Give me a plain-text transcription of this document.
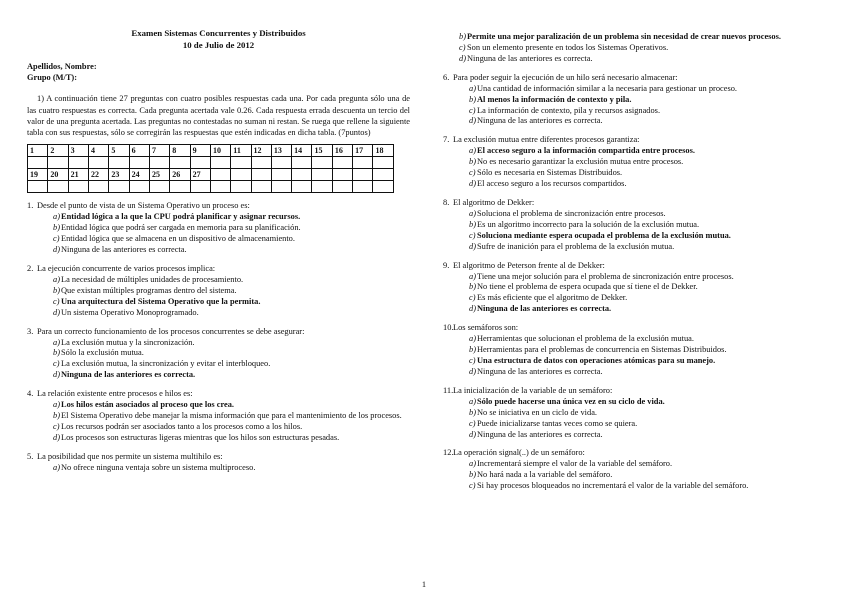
Examen Sistemas Concurrentes y Distribuidos
10 de Julio de 2012
Apellidos, Nombre:
Grupo (M/T):
1) A continuación tiene 27 preguntas con cuatro posibles respuestas cada una. Por cada pregunta sólo una de las cuatro respuestas es correcta. Cada pregunta acertada vale 0.26. Cada respuesta errada descuenta un tercio del valor de una pregunta acertada. Las preguntas no contestadas no suman ni restan. Se ruega que rellene la siguiente tabla con sus respuestas, sólo se corregirán las respuestas que estén indicadas en dicha tabla. (7puntos)
1	2	3	4	5	6	7	8	9	10	11	12	13	14	15	16	17	18

19	20	21	22	23	24	25	26	27									

1. Desde el punto de vista de un Sistema Operativo un proceso es:
a) Entidad lógica a la que la CPU podrá planificar y asignar recursos.
b) Entidad lógica que podrá ser cargada en memoria para su planificación.
c) Entidad lógica que se almacena en un dispositivo de almacenamiento.
d) Ninguna de las anteriores es correcta.
2. La ejecución concurrente de varios procesos implica:
a) La necesidad de múltiples unidades de procesamiento.
b) Que existan múltiples programas dentro del sistema.
c) Una arquitectura del Sistema Operativo que la permita.
d) Un sistema Operativo Monoprogramado.
3. Para un correcto funcionamiento de los procesos concurrentes se debe asegurar:
a) La exclusión mutua y la sincronización.
b) Sólo la exclusión mutua.
c) La exclusión mutua, la sincronización y evitar el interbloqueo.
d) Ninguna de las anteriores es correcta.
4. La relación existente entre procesos e hilos es:
a) Los hilos están asociados al proceso que los crea.
b) El Sistema Operativo debe manejar la misma información que para el mantenimiento de los procesos.
c) Los recursos podrán ser asociados tanto a los procesos como a los hilos.
d) Los procesos son estructuras ligeras mientras que los hilos son estructuras pesadas.
5. La posibilidad que nos permite un sistema multihilo es:
a) No ofrece ninguna ventaja sobre un sistema multiproceso.
b) Permite una mejor paralización de un problema sin necesidad de crear nuevos procesos.
c) Son un elemento presente en todos los Sistemas Operativos.
d) Ninguna de las anteriores es correcta.
6. Para poder seguir la ejecución de un hilo será necesario almacenar:
a) Una cantidad de información similar a la necesaria para gestionar un proceso.
b) Al menos la información de contexto y pila.
c) La información de contexto, pila y recursos asignados.
d) Ninguna de las anteriores es correcta.
7. La exclusión mutua entre diferentes procesos garantiza:
a) El acceso seguro a la información compartida entre procesos.
b) No es necesario garantizar la exclusión mutua entre procesos.
c) Sólo es necesaria en Sistemas Distribuidos.
d) El acceso seguro a los recursos compartidos.
8. El algoritmo de Dekker:
a) Soluciona el problema de sincronización entre procesos.
b) Es un algoritmo incorrecto para la solución de la exclusión mutua.
c) Soluciona mediante espera ocupada el problema de la exclusión mutua.
d) Sufre de inanición para el problema de la exclusión mutua.
9. El algoritmo de Peterson frente al de Dekker:
a) Tiene una mejor solución para el problema de sincronización entre procesos.
b) No tiene el problema de espera ocupada que sí tiene el de Dekker.
c) Es más eficiente que el algoritmo de Dekker.
d) Ninguna de las anteriores es correcta.
10. Los semáforos son:
a) Herramientas que solucionan el problema de la exclusión mutua.
b) Herramientas para el problemas de concurrencia en Sistemas Distribuidos.
c) Una estructura de datos con operaciones atómicas para su manejo.
d) Ninguna de las anteriores es correcta.
11. La inicialización de la variable de un semáforo:
a) Sólo puede hacerse una única vez en su ciclo de vida.
b) No se iniciativa en un ciclo de vida.
c) Puede inicializarse tantas veces como se quiera.
d) Ninguna de las anteriores es correcta.
12. La operación signal(..) de un semáforo:
a) Incrementará siempre el valor de la variable del semáforo.
b) No hará nada a la variable del semáforo.
c) Si hay procesos bloqueados no incrementará el valor de la variable del semáforo.
1
